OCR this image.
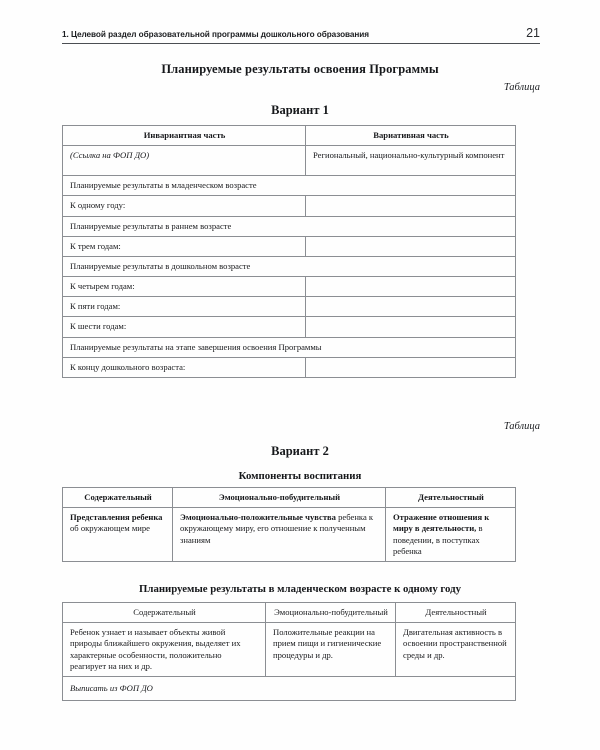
1. Целевой раздел образовательной программы дошкольного образования	21
Планируемые результаты освоения Программы
Таблица
Вариант 1
Инвариантная часть	Вариативная часть
(Ссылка на ФОП ДО)	Региональный, национально-культурный компонент
Планируемые результаты в младенческом возрасте	
К одному году:	
Планируемые результаты в раннем возрасте	
К трем годам:	
Планируемые результаты в дошкольном возрасте	
К четырем годам:	
К пяти годам:	
К шести годам:	
Планируемые результаты на этапе завершения освоения Программы	
К концу дошкольного возраста:	
Таблица
Вариант 2
Компоненты воспитания
Содержательный	Эмоционально-побудительный	Деятельностный
Представления ребенка об окружающем мире	Эмоционально-положительные чувства ребенка к окружающему миру, его отношение к полученным знаниям	Отражение отношения к миру в деятельности, в поведении, в поступках ребенка
Планируемые результаты в младенческом возрасте к одному году
Содержательный	Эмоционально-побудительный	Деятельностный
Ребенок узнает и называет объекты живой природы ближайшего окружения, выделяет их характерные особенности, положительно реагирует на них и др.	Положительные реакции на прием пищи и гигиенические процедуры и др.	Двигательная активность в освоении пространственной среды и др.
Выписать из ФОП ДО		
